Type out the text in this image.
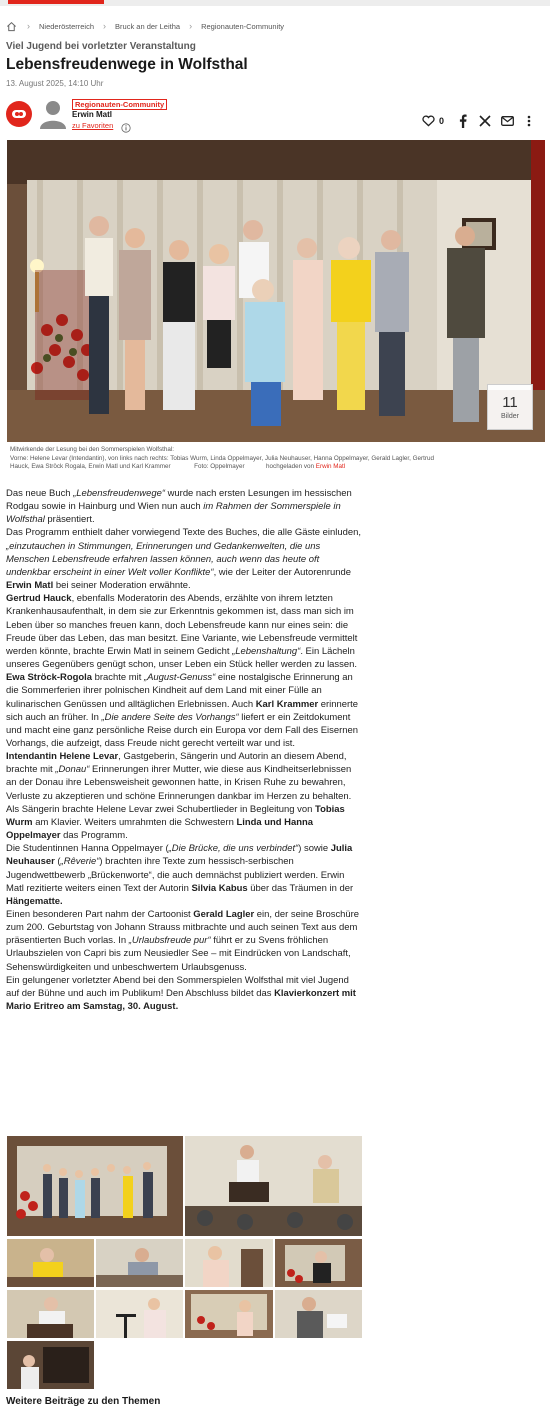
› Niederösterreich › Bruck an der Leitha › Regionauten-Community
Viel Jugend bei vorletzter Veranstaltung
Lebensfreudenwege in Wolfsthal
13. August 2025, 14:10 Uhr
Regionauten-Community
Erwin Matl
zu Favoriten	0
11
Bilder
Mitwirkende der Lesung bei den Sommerspielen Wolfsthal:
Vorne: Helene Levar (Intendantin), von links nach rechts: Tobias Wurm, Linda Oppelmayer, Julia Neuhauser, Hanna Oppelmayer, Gerald Lagler, Gertrud
Hauck, Ewa Ströck Rogala, Erwin Matl und Karl Krammer	Foto: Oppelmayer	hochgeladen von Erwin Matl

Das neue Buch „Lebensfreudenwege“ wurde nach ersten Lesungen im hessischen Rodgau sowie in Hainburg und Wien nun auch im Rahmen der Sommerspiele in Wolfsthal präsentiert.

Das Programm enthielt daher vorwiegend Texte des Buches, die alle Gäste einluden, „einzutauchen in Stimmungen, Erinnerungen und Gedankenwelten, die uns Menschen Lebensfreude erfahren lassen können, auch wenn das heute oft undenkbar erscheint in einer Welt voller Konflikte“, wie der Leiter der Autorenrunde Erwin Matl bei seiner Moderation erwähnte.

Gertrud Hauck, ebenfalls Moderatorin des Abends, erzählte von ihrem letzten Krankenhausaufenthalt, in dem sie zur Erkenntnis gekommen ist, dass man sich im Leben über so manches freuen kann, doch Lebensfreude kann nur eines sein: die Freude über das Leben, das man besitzt. Eine Variante, wie Lebensfreude vermittelt werden könnte, brachte Erwin Matl in seinem Gedicht „Lebenshaltung“. Ein Lächeln unseres Gegenübers genügt schon, unser Leben ein Stück heller werden zu lassen.

Ewa Ströck-Rogola brachte mit „August-Genuss“ eine nostalgische Erinnerung an die Sommerferien ihrer polnischen Kindheit auf dem Land mit einer Fülle an kulinarischen Genüssen und alltäglichen Erlebnissen. Auch Karl Krammer erinnerte sich auch an früher. In „Die andere Seite des Vorhangs“ liefert er ein Zeitdokument und macht eine ganz persönliche Reise durch ein Europa vor dem Fall des Eisernen Vorhangs, die aufzeigt, dass Freude nicht gerecht verteilt war und ist.

Intendantin Helene Levar, Gastgeberin, Sängerin und Autorin an diesem Abend, brachte mit „Donau“ Erinnerungen ihrer Mutter, wie diese aus Kindheitserlebnissen an der Donau ihre Lebensweisheit gewonnen hatte, in Krisen Ruhe zu bewahren, Verluste zu akzeptieren und schöne Erinnerungen dankbar im Herzen zu behalten.

Als Sängerin brachte Helene Levar zwei Schubertlieder in Begleitung von Tobias Wurm am Klavier. Weiters umrahmten die Schwestern Linda und Hanna Oppelmayer das Programm.

Die Studentinnen Hanna Oppelmayer („Die Brücke, die uns verbindet“) sowie Julia Neuhauser („Rêverie“) brachten ihre Texte zum hessisch-serbischen Jugendwettbewerb „Brückenworte“, die auch demnächst publiziert werden. Erwin Matl rezitierte weiters einen Text der Autorin Silvia Kabus über das Träumen in der Hängematte.

Einen besonderen Part nahm der Cartoonist Gerald Lagler ein, der seine Broschüre zum 200. Geburtstag von Johann Strauss mitbrachte und auch seinen Text aus dem präsentierten Buch vorlas. In „Urlaubsfreude pur“ führt er zu Svens fröhlichen Urlaubszielen von Capri bis zum Neusiedler See – mit Eindrücken von Landschaft, Sehenswürdigkeiten und unbeschwertem Urlaubsgenuss.

Ein gelungener vorletzter Abend bei den Sommerspielen Wolfsthal mit viel Jugend auf der Bühne und auch im Publikum! Den Abschluss bildet das Klavierkonzert mit Mario Eritreo am Samstag, 30. August.

Weitere Beiträge zu den Themen
